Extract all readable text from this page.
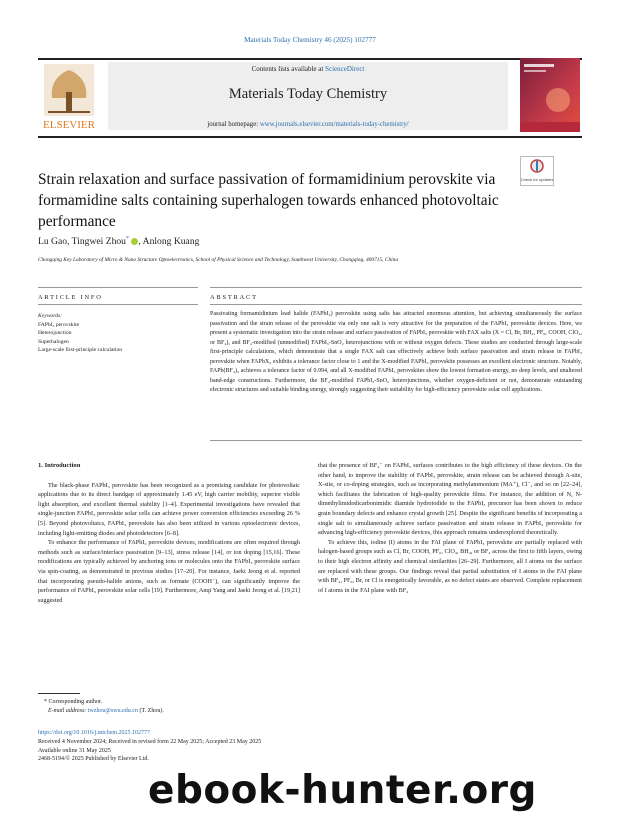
Materials Today Chemistry 46 (2025) 102777
ELSEVIER
Contents lists available at ScienceDirect
Materials Today Chemistry
journal homepage: www.journals.elsevier.com/materials-today-chemistry/
Strain relaxation and surface passivation of formamidinium perovskite via formamidine salts containing superhalogen towards enhanced photovoltaic performance
Check for updates
Lu Gao, Tingwei Zhou* , Anlong Kuang
Chongqing Key Laboratory of Micro & Nano Structure Optoelectronics, School of Physical Science and Technology, Southwest University, Chongqing, 400715, China
ARTICLE INFO	ABSTRACT
Keywords:
FAPbI₃ perovskite
Heterojunction
Superhalogen
Large-scale first-principle calculation
Passivating formamidinium lead halide (FAPbI₃) perovskite using salts has attracted enormous attention, but achieving simultaneously the surface passivation and the strain release of the perovskite via only one salt is very attractive for the preparation of the FAPbI₃ perovskite devices. Here, we present a systematic investigation into the strain release and surface passivation of FAPbI₃ perovskite with FAX salts (X = Cl, Br, BH₄, PF₆, COOH, ClO₄, or BF₄), and BF₄-modified (unmodified) FAPbI₃-SnO₂ heterojunctions with or without oxygen defects. These studies are conducted through large-scale first-principle calculations, which demonstrate that a single FAX salt can effectively achieve both surface passivation and strain release in FAPbI₃ perovskite when FAPbX₃ exhibits a tolerance factor close to 1 and the X-modified FAPbI₃ perovskite possesses an excellent electronic structure. Notably, FAPb(BF₄)₃ achieves a tolerance factor of 0.994, and all X-modified FAPbI₃ perovskites show the lowest formation energy, no deep levels, and unaltered band-edge constructions. Furthermore, the BF₄-modified FAPbI₃-SnO₂ heterojunctions, whether oxygen-deficient or not, demonstrate outstanding electronic structures and suitable binding energy, strongly suggesting their suitability for high-efficiency perovskite solar cell applications.
1. Introduction

The black-phase FAPbI₃ perovskite has been recognized as a promising candidate for photovoltaic applications due to its direct bandgap of approximately 1.45 eV, high carrier mobility, superior visible light absorption, and excellent thermal stability [1–4]. Experimental investigations have revealed that single-junction FAPbI₃ perovskite solar cells can achieve power conversion efficiencies exceeding 26 % [5]. Beyond photovoltaics, FAPbI₃ perovskite has also been utilized in various optoelectronic devices, including light-emitting diodes and photodetectors [6–8].

To enhance the performance of FAPbI₃ perovskite devices, modifications are often required through methods such as surface/interface passivation [9–13], stress release [14], or ion doping [15,16]. These modifications are typically achieved by anchoring ions or molecules onto the FAPbI₃ perovskite surface via spin-coating, as demonstrated in previous studies [17–20]. For instance, Jaeki Jeong et al. reported that incorporating pseudo-halide anions, such as formate (COOH⁻), can significantly improve the performance of FAPbI₃ perovskite solar cells [19]. Furthermore, Anqi Yang and Jaeki Jeong et al. [19,21] suggested

that the presence of BF₄⁻ on FAPbI₃ surfaces contributes to the high efficiency of these devices. On the other hand, to improve the stability of FAPbI₃ perovskite, strain release can be achieved through A-site, X-site, or co-doping strategies, such as incorporating methylammonium (MA⁺), Cl⁻, and so on [22–24], which facilitates the fabrication of high-quality perovskite films. For instance, the addition of N, N-dimethylimidodicarbonimidic diamide hydroiodide to the FAPbI₃ precursor has been shown to reduce grain boundary defects and enhance crystal growth [25]. Despite the significant benefits of incorporating a single salt to simultaneously achieve surface passivation and strain release in FAPbI₃ perovskite for advancing high-efficiency perovskite devices, this approach remains underexplored theoretically.

To achieve this, iodine (I) atoms in the FAI plane of FAPbI₃ perovskite are partially replaced with halogen-based groups such as Cl, Br, COOH, PF₆, ClO₄, BH₄, or BF₄ across the first to fifth layers, owing to their high electron affinity and chemical similarities [26–29]. Furthermore, all I atoms on the surface are replaced with these groups. Our findings reveal that partial substitution of I atoms in the FAI plane with BF₄, PF₆, Br, or Cl is energetically favorable, as no defect states are observed. Complete replacement of I atoms in the FAI plane with BF₄

* Corresponding author.
E-mail address: twzhou@swu.edu.cn (T. Zhou).
https://doi.org/10.1016/j.mtchem.2025.102777
Received 4 November 2024; Received in revised form 22 May 2025; Accepted 23 May 2025
Available online 31 May 2025
2468-5194/© 2025 Published by Elsevier Ltd.
ebook-hunter.org
